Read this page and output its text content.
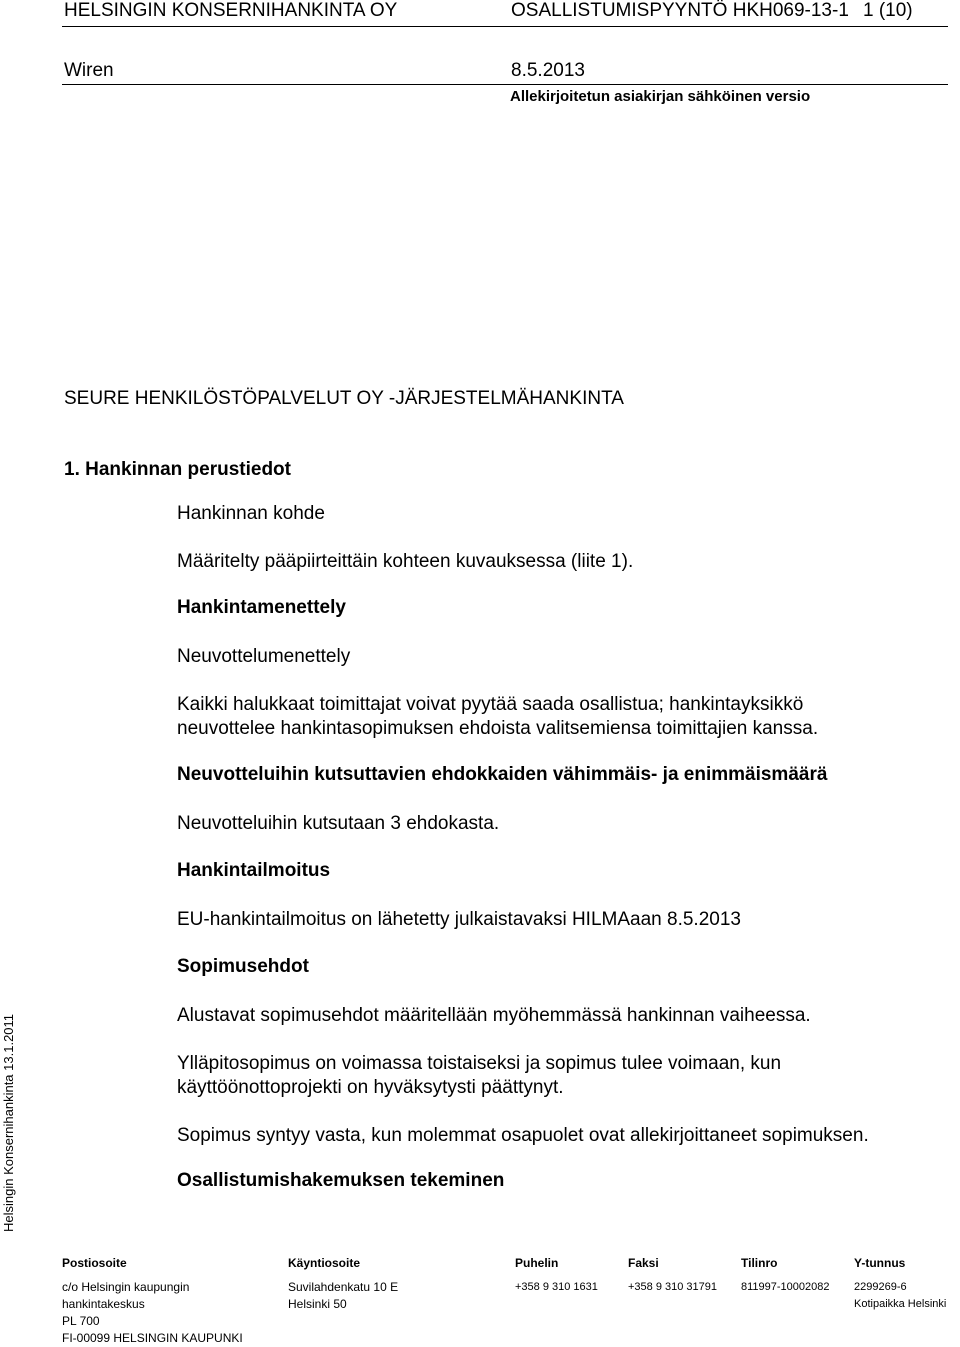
HELSINGIN KONSERNIHANKINTA OY	OSALLISTUMISPYYNTÖ HKH069-13-1 1 (10)
Wiren	8.5.2013
Allekirjoitetun asiakirjan sähköinen versio
SEURE HENKILÖSTÖPALVELUT OY -JÄRJESTELMÄHANKINTA
1. Hankinnan perustiedot
Hankinnan kohde
Määritelty pääpiirteittäin kohteen kuvauksessa (liite 1).
Hankintamenettely
Neuvottelumenettely
Kaikki halukkaat toimittajat voivat pyytää saada osallistua; hankintayksikkö
neuvottelee hankintasopimuksen ehdoista valitsemiensa toimittajien kanssa.
Neuvotteluihin kutsuttavien ehdokkaiden vähimmäis- ja enimmäismäärä
Neuvotteluihin kutsutaan 3 ehdokasta.
Hankintailmoitus
EU-hankintailmoitus on lähetetty julkaistavaksi HILMAaan 8.5.2013
Sopimusehdot
Alustavat sopimusehdot määritellään myöhemmässä hankinnan vaiheessa.
Ylläpitosopimus on voimassa toistaiseksi ja sopimus tulee voimaan, kun
käyttöönottoprojekti on hyväksytysti päättynyt.
Sopimus syntyy vasta, kun molemmat osapuolet ovat allekirjoittaneet sopimuksen.
Osallistumishakemuksen tekeminen
Helsingin Konsernihankinta 13.1.2011
Postiosoite
c/o Helsingin kaupungin
hankintakeskus
PL 700
FI-00099 HELSINGIN KAUPUNKI
Käyntiosoite
Suvilahdenkatu 10 E
Helsinki 50
Puhelin
+358 9 310 1631
Faksi
+358 9 310 31791
Tilinro
811997-10002082
Y-tunnus
2299269-6
Kotipaikka Helsinki
